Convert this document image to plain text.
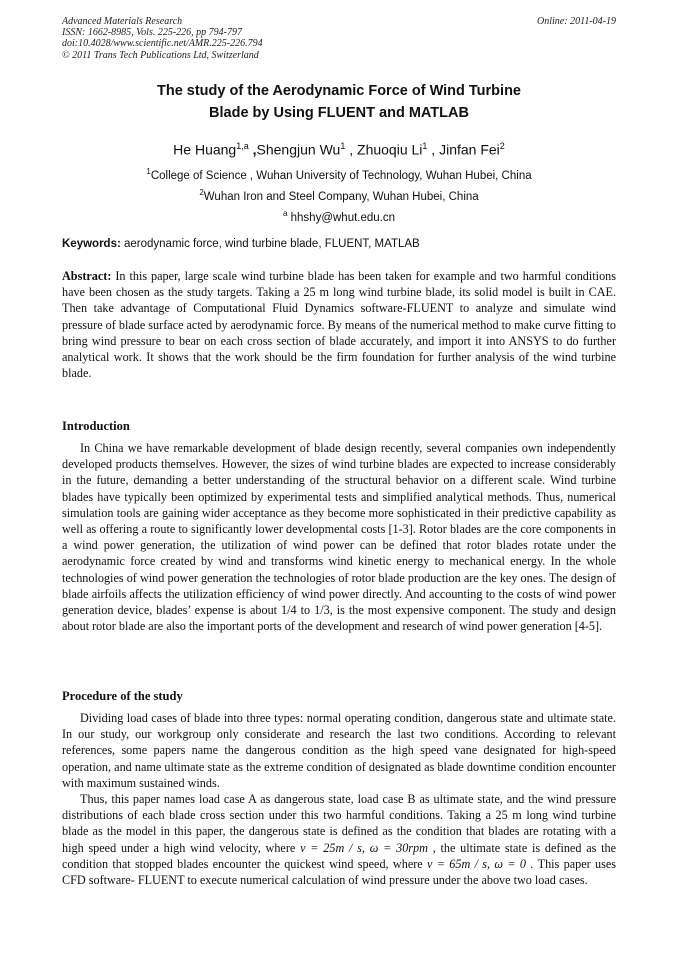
Advanced Materials Research
ISSN: 1662-8985, Vols. 225-226, pp 794-797
doi:10.4028/www.scientific.net/AMR.225-226.794
© 2011 Trans Tech Publications Ltd, Switzerland
Online: 2011-04-19
The study of the Aerodynamic Force of Wind Turbine
Blade by Using FLUENT and MATLAB
He Huang$^{1,a}$ ,Shengjun Wu$^1$ , Zhuoqiu Li$^1$ , Jinfan Fei$^2$
$^1$College of Science , Wuhan University of Technology, Wuhan Hubei, China
$^2$Wuhan Iron and Steel Company, Wuhan Hubei, China
$^a$ hhshy@whut.edu.cn
Keywords: aerodynamic force, wind turbine blade, FLUENT, MATLAB

Abstract: In this paper, large scale wind turbine blade has been taken for example and two harmful conditions have been chosen as the study targets. Taking a 25 m long wind turbine blade, its solid model is built in CAE. Then take advantage of Computational Fluid Dynamics software-FLUENT to analyze and simulate wind pressure of blade surface acted by aerodynamic force. By means of the numerical method to make curve fitting to bring wind pressure to bear on each cross section of blade accurately, and import it into ANSYS to do further analytical work. It shows that the work should be the firm foundation for further analysis of the wind turbine blade.

Introduction

In China we have remarkable development of blade design recently, several companies own independently developed products themselves. However, the sizes of wind turbine blades are expected to increase considerably in the future, demanding a better understanding of the structural behavior on a different scale. Wind turbine blades have typically been optimized by experimental tests and simplified analytical methods. Thus, numerical simulation tools are gaining wider acceptance as they become more sophisticated in their predictive capability as well as offering a route to significantly lower developmental costs [1-3]. Rotor blades are the core components in a wind power generation, the utilization of wind power can be defined that rotor blades rotate under the aerodynamic force created by wind and transforms wind kinetic energy to mechanical energy. In the whole technologies of wind power generation the technologies of rotor blade production are the key ones. The design of blade airfoils affects the utilization efficiency of wind power directly. And accounting to the costs of wind power generation device, blades’ expense is about 1/4 to 1/3, is the most expensive component. The study and design about rotor blade are also the important ports of the development and research of wind power generation [4-5].

Procedure of the study

Dividing load cases of blade into three types: normal operating condition, dangerous state and ultimate state. In our study, our workgroup only considerate and research the last two conditions. According to relevant references, some papers name the dangerous condition as the high speed vane designated for high-speed operation, and name ultimate state as the extreme condition of designated as blade downtime condition encounter with maximum sustained winds.

Thus, this paper names load case A as dangerous state, load case B as ultimate state, and the wind pressure distributions of each blade cross section under this two harmful conditions. Taking a 25 m long wind turbine blade as the model in this paper, the dangerous state is defined as the condition that blades are rotating with a high speed under a high wind velocity, where v = 25m / s, ω = 30rpm , the ultimate state is defined as the condition that stopped blades encounter the quickest wind speed, where v = 65m / s, ω = 0 . This paper uses CFD software- FLUENT to execute numerical calculation of wind pressure under the above two load cases.
